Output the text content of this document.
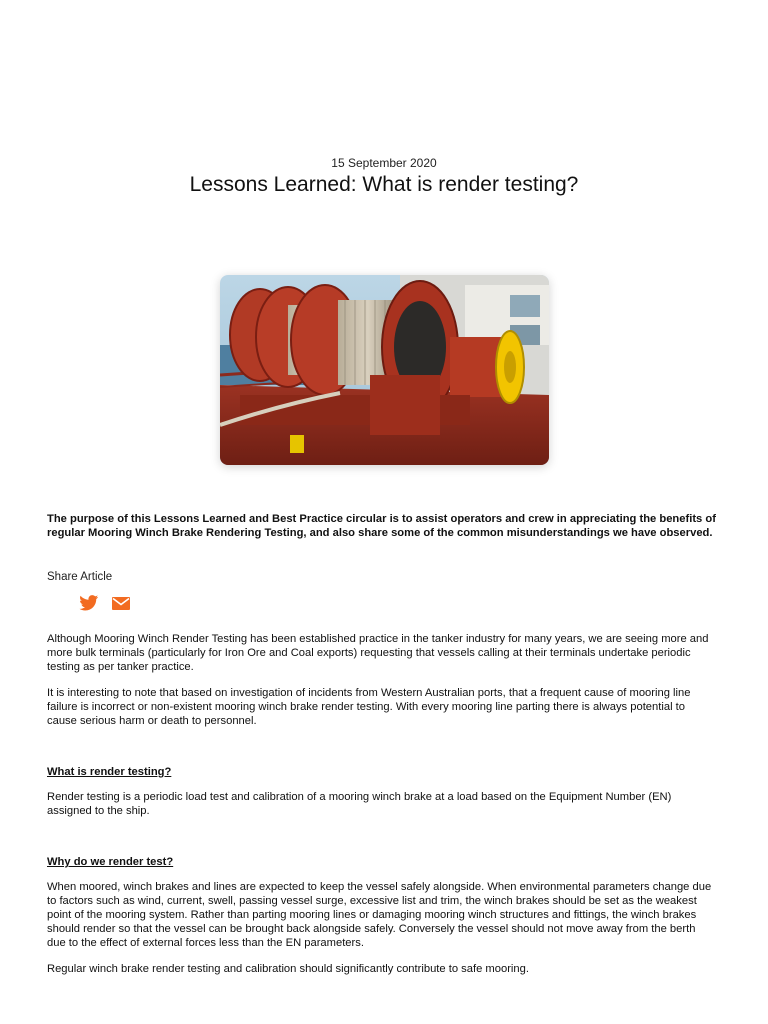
15 September 2020
Lessons Learned: What is render testing?
The purpose of this Lessons Learned and Best Practice circular is to assist operators and crew in appreciating the benefits of regular Mooring Winch Brake Rendering Testing, and also share some of the common misunderstandings we have observed.
Share Article
Although Mooring Winch Render Testing has been established practice in the tanker industry for many years, we are seeing more and more bulk terminals (particularly for Iron Ore and Coal exports) requesting that vessels calling at their terminals undertake periodic testing as per tanker practice.
It is interesting to note that based on investigation of incidents from Western Australian ports, that a frequent cause of mooring line failure is incorrect or non-existent mooring winch brake render testing. With every mooring line parting there is always potential to cause serious harm or death to personnel.
What is render testing?
Render testing is a periodic load test and calibration of a mooring winch brake at a load based on the Equipment Number (EN) assigned to the ship.
Why do we render test?
When moored, winch brakes and lines are expected to keep the vessel safely alongside. When environmental parameters change due to factors such as wind, current, swell, passing vessel surge, excessive list and trim, the winch brakes should be set as the weakest point of the mooring system. Rather than parting mooring lines or damaging mooring winch structures and fittings, the winch brakes should render so that the vessel can be brought back alongside safely. Conversely the vessel should not move away from the berth due to the effect of external forces less than the EN parameters.
Regular winch brake render testing and calibration should significantly contribute to safe mooring.
